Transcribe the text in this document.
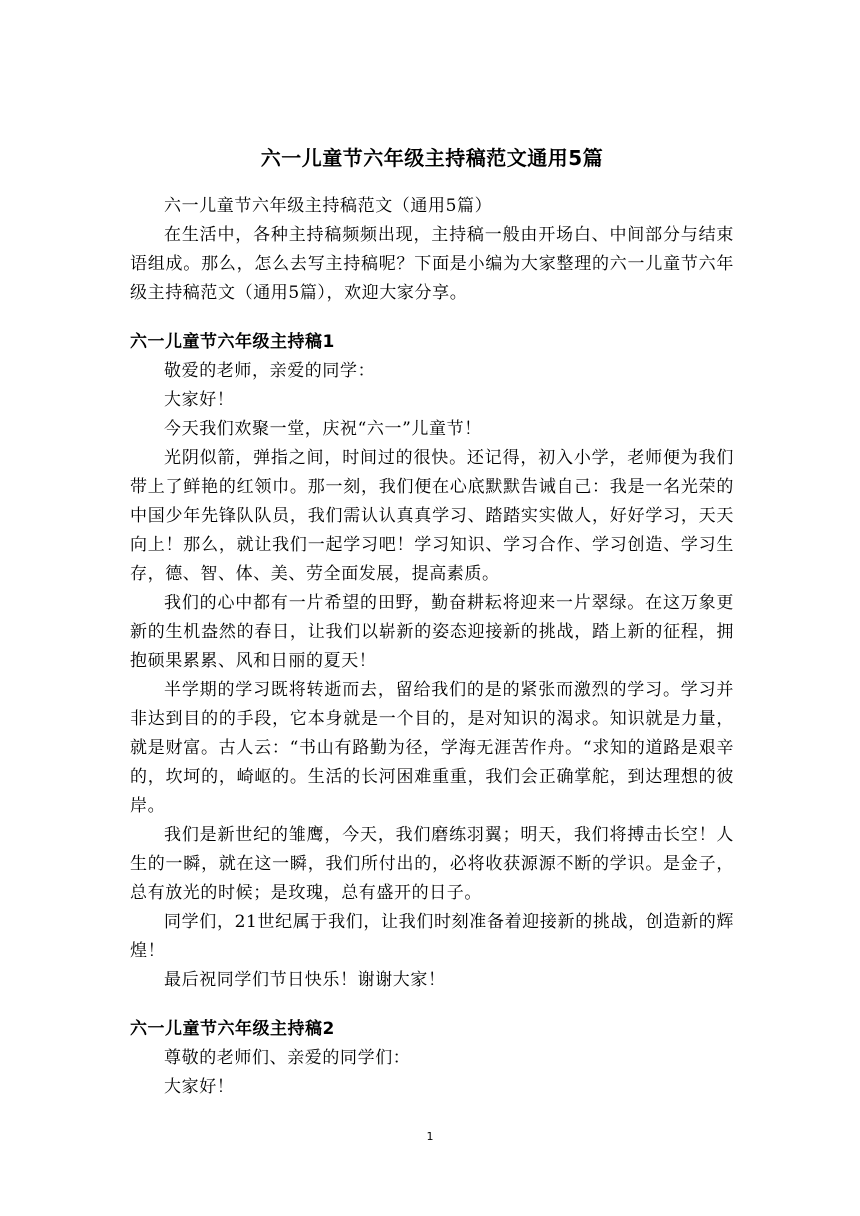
六一儿童节六年级主持稿范文通用5篇

六一儿童节六年级主持稿范文（通用5篇）

在生活中，各种主持稿频频出现，主持稿一般由开场白、中间部分与结束语组成。那么，怎么去写主持稿呢？下面是小编为大家整理的六一儿童节六年级主持稿范文（通用5篇），欢迎大家分享。

六一儿童节六年级主持稿1

敬爱的老师，亲爱的同学：

大家好！

今天我们欢聚一堂，庆祝“六一”儿童节！

光阴似箭，弹指之间，时间过的很快。还记得，初入小学，老师便为我们带上了鲜艳的红领巾。那一刻，我们便在心底默默告诫自己：我是一名光荣的中国少年先锋队队员，我们需认认真真学习、踏踏实实做人，好好学习，天天向上！那么，就让我们一起学习吧！学习知识、学习合作、学习创造、学习生存，德、智、体、美、劳全面发展，提高素质。

我们的心中都有一片希望的田野，勤奋耕耘将迎来一片翠绿。在这万象更新的生机盎然的春日，让我们以崭新的姿态迎接新的挑战，踏上新的征程，拥抱硕果累累、风和日丽的夏天！

半学期的学习既将转逝而去，留给我们的是的紧张而激烈的学习。学习并非达到目的的手段，它本身就是一个目的，是对知识的渴求。知识就是力量，就是财富。古人云：“书山有路勤为径，学海无涯苦作舟。“求知的道路是艰辛的，坎坷的，崎岖的。生活的长河困难重重，我们会正确掌舵，到达理想的彼岸。

我们是新世纪的雏鹰，今天，我们磨练羽翼；明天，我们将搏击长空！人生的一瞬，就在这一瞬，我们所付出的，必将收获源源不断的学识。是金子，总有放光的时候；是玫瑰，总有盛开的日子。

同学们，21世纪属于我们，让我们时刻准备着迎接新的挑战，创造新的辉煌！

最后祝同学们节日快乐！谢谢大家！

六一儿童节六年级主持稿2

尊敬的老师们、亲爱的同学们：

大家好！

1
